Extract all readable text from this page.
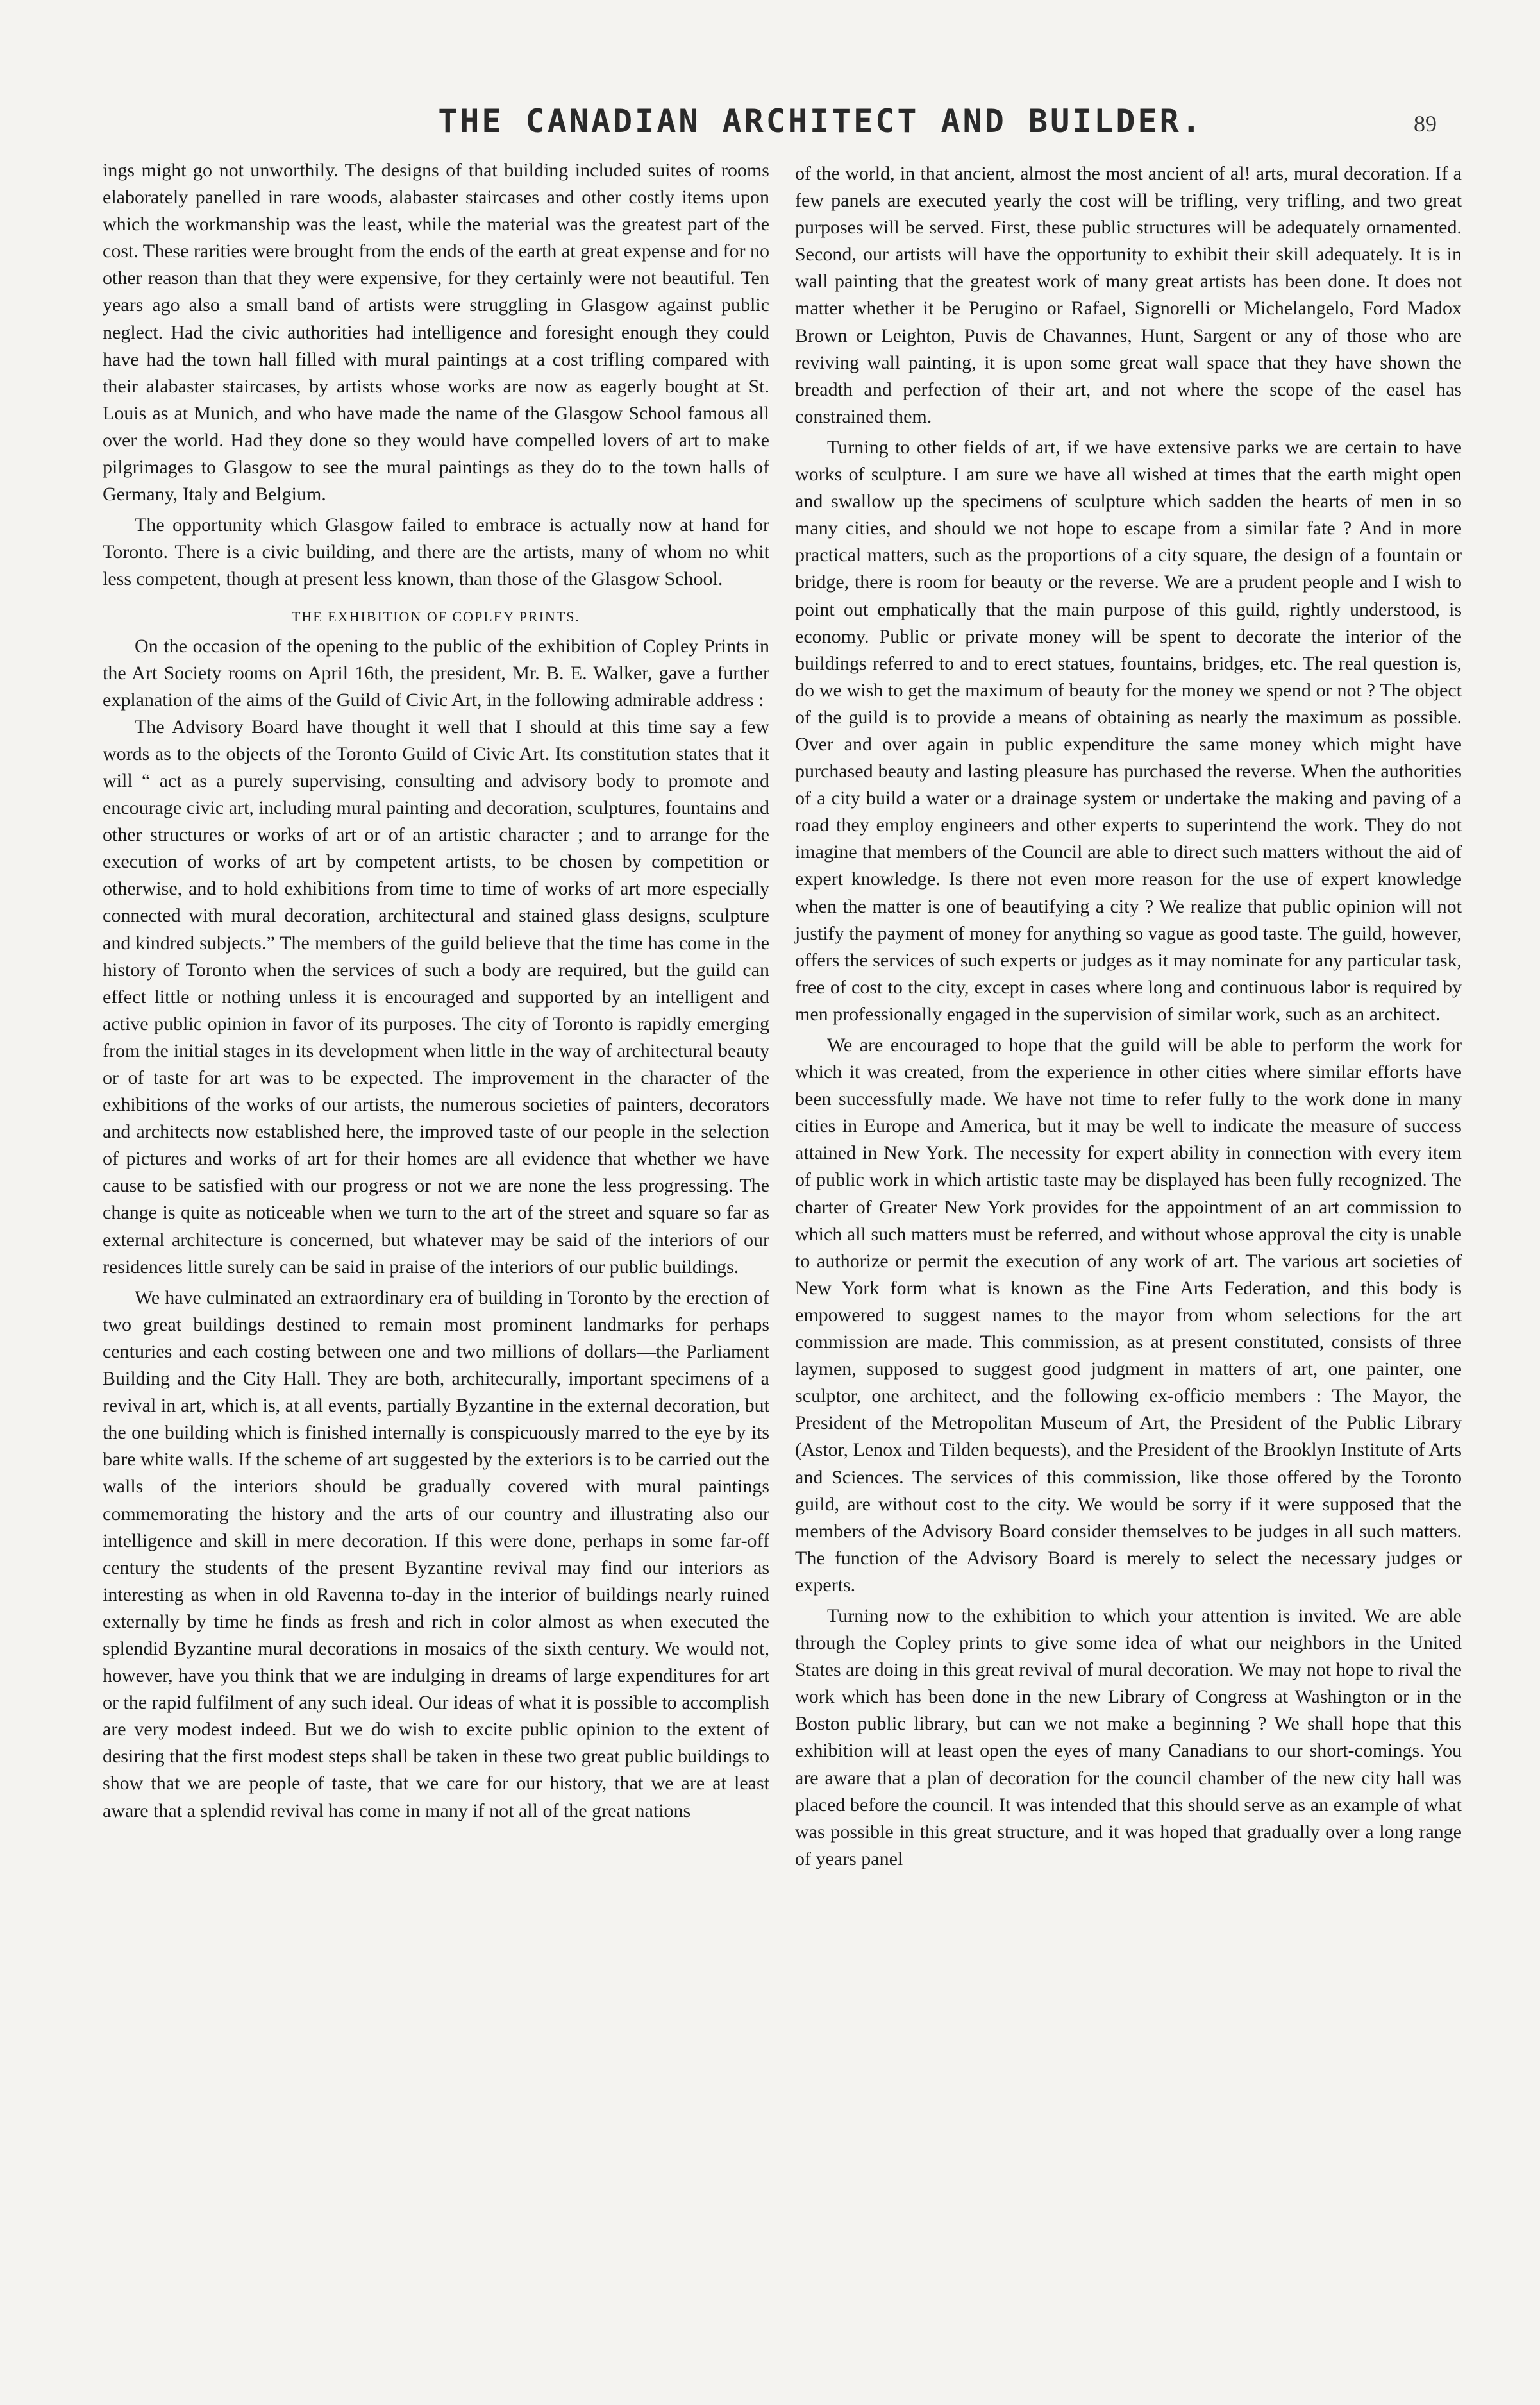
THE CANADIAN ARCHITECT AND BUILDER.	89

ings might go not unworthily. The designs of that building included suites of rooms elaborately panelled in rare woods, alabaster staircases and other costly items upon which the workmanship was the least, while the material was the greatest part of the cost. These rarities were brought from the ends of the earth at great expense and for no other reason than that they were expensive, for they certainly were not beautiful. Ten years ago also a small band of artists were struggling in Glasgow against public neglect. Had the civic authorities had intelligence and foresight enough they could have had the town hall filled with mural paintings at a cost trifling compared with their alabaster staircases, by artists whose works are now as eagerly bought at St. Louis as at Munich, and who have made the name of the Glasgow School famous all over the world. Had they done so they would have compelled lovers of art to make pilgrimages to Glasgow to see the mural paintings as they do to the town halls of Germany, Italy and Belgium.

The opportunity which Glasgow failed to embrace is actually now at hand for Toronto. There is a civic building, and there are the artists, many of whom no whit less competent, though at present less known, than those of the Glasgow School.

THE EXHIBITION OF COPLEY PRINTS.

On the occasion of the opening to the public of the exhibition of Copley Prints in the Art Society rooms on April 16th, the president, Mr. B. E. Walker, gave a further explanation of the aims of the Guild of Civic Art, in the following admirable address :

The Advisory Board have thought it well that I should at this time say a few words as to the objects of the Toronto Guild of Civic Art. Its constitution states that it will “ act as a purely supervising, consulting and advisory body to promote and encourage civic art, including mural painting and decoration, sculptures, fountains and other structures or works of art or of an artistic character ; and to arrange for the execution of works of art by competent artists, to be chosen by competition or otherwise, and to hold exhibitions from time to time of works of art more especially connected with mural decoration, architectural and stained glass designs, sculpture and kindred subjects.” The members of the guild believe that the time has come in the history of Toronto when the services of such a body are required, but the guild can effect little or nothing unless it is encouraged and supported by an intelligent and active public opinion in favor of its purposes. The city of Toronto is rapidly emerging from the initial stages in its development when little in the way of architectural beauty or of taste for art was to be expected. The improvement in the character of the exhibitions of the works of our artists, the numerous societies of painters, decorators and architects now established here, the improved taste of our people in the selection of pictures and works of art for their homes are all evidence that whether we have cause to be satisfied with our progress or not we are none the less progressing. The change is quite as noticeable when we turn to the art of the street and square so far as external architecture is concerned, but whatever may be said of the interiors of our residences little surely can be said in praise of the interiors of our public buildings.

We have culminated an extraordinary era of building in Toronto by the erection of two great buildings destined to remain most prominent landmarks for perhaps centuries and each costing between one and two millions of dollars—the Parliament Building and the City Hall. They are both, architecurally, important specimens of a revival in art, which is, at all events, partially Byzantine in the external decoration, but the one building which is finished internally is conspicuously marred to the eye by its bare white walls. If the scheme of art suggested by the exteriors is to be carried out the walls of the interiors should be gradually covered with mural paintings commemorating the history and the arts of our country and illustrating also our intelligence and skill in mere decoration. If this were done, perhaps in some far-off century the students of the present Byzantine revival may find our interiors as interesting as when in old Ravenna to-day in the interior of buildings nearly ruined externally by time he finds as fresh and rich in color almost as when executed the splendid Byzantine mural decorations in mosaics of the sixth century. We would not, however, have you think that we are indulging in dreams of large expenditures for art or the rapid fulfilment of any such ideal. Our ideas of what it is possible to accomplish are very modest indeed. But we do wish to excite public opinion to the extent of desiring that the first modest steps shall be taken in these two great public buildings to show that we are people of taste, that we care for our history, that we are at least aware that a splendid revival has come in many if not all of the great nations

of the world, in that ancient, almost the most ancient of al! arts, mural decoration. If a few panels are executed yearly the cost will be trifling, very trifling, and two great purposes will be served. First, these public structures will be adequately ornamented. Second, our artists will have the opportunity to exhibit their skill adequately. It is in wall painting that the greatest work of many great artists has been done. It does not matter whether it be Perugino or Rafael, Signorelli or Michelangelo, Ford Madox Brown or Leighton, Puvis de Chavannes, Hunt, Sargent or any of those who are reviving wall painting, it is upon some great wall space that they have shown the breadth and perfection of their art, and not where the scope of the easel has constrained them.

Turning to other fields of art, if we have extensive parks we are certain to have works of sculpture. I am sure we have all wished at times that the earth might open and swallow up the specimens of sculpture which sadden the hearts of men in so many cities, and should we not hope to escape from a similar fate ? And in more practical matters, such as the proportions of a city square, the design of a fountain or bridge, there is room for beauty or the reverse. We are a prudent people and I wish to point out emphatically that the main purpose of this guild, rightly understood, is economy. Public or private money will be spent to decorate the interior of the buildings referred to and to erect statues, fountains, bridges, etc. The real question is, do we wish to get the maximum of beauty for the money we spend or not ? The object of the guild is to provide a means of obtaining as nearly the maximum as possible. Over and over again in public expenditure the same money which might have purchased beauty and lasting pleasure has purchased the reverse. When the authorities of a city build a water or a drainage system or undertake the making and paving of a road they employ engineers and other experts to superintend the work. They do not imagine that members of the Council are able to direct such matters without the aid of expert knowledge. Is there not even more reason for the use of expert knowledge when the matter is one of beautifying a city ? We realize that public opinion will not justify the payment of money for anything so vague as good taste. The guild, however, offers the services of such experts or judges as it may nominate for any particular task, free of cost to the city, except in cases where long and continuous labor is required by men professionally engaged in the supervision of similar work, such as an architect.

We are encouraged to hope that the guild will be able to perform the work for which it was created, from the experience in other cities where similar efforts have been successfully made. We have not time to refer fully to the work done in many cities in Europe and America, but it may be well to indicate the measure of success attained in New York. The necessity for expert ability in connection with every item of public work in which artistic taste may be displayed has been fully recognized. The charter of Greater New York provides for the appointment of an art commission to which all such matters must be referred, and without whose approval the city is unable to authorize or permit the execution of any work of art. The various art societies of New York form what is known as the Fine Arts Federation, and this body is empowered to suggest names to the mayor from whom selections for the art commission are made. This commission, as at present constituted, consists of three laymen, supposed to suggest good judgment in matters of art, one painter, one sculptor, one architect, and the following ex-officio members : The Mayor, the President of the Metropolitan Museum of Art, the President of the Public Library (Astor, Lenox and Tilden bequests), and the President of the Brooklyn Institute of Arts and Sciences. The services of this commission, like those offered by the Toronto guild, are without cost to the city. We would be sorry if it were supposed that the members of the Advisory Board consider themselves to be judges in all such matters. The function of the Advisory Board is merely to select the necessary judges or experts.

Turning now to the exhibition to which your attention is invited. We are able through the Copley prints to give some idea of what our neighbors in the United States are doing in this great revival of mural decoration. We may not hope to rival the work which has been done in the new Library of Congress at Washington or in the Boston public library, but can we not make a beginning ? We shall hope that this exhibition will at least open the eyes of many Canadians to our short-comings. You are aware that a plan of decoration for the council chamber of the new city hall was placed before the council. It was intended that this should serve as an example of what was possible in this great structure, and it was hoped that gradually over a long range of years panel
